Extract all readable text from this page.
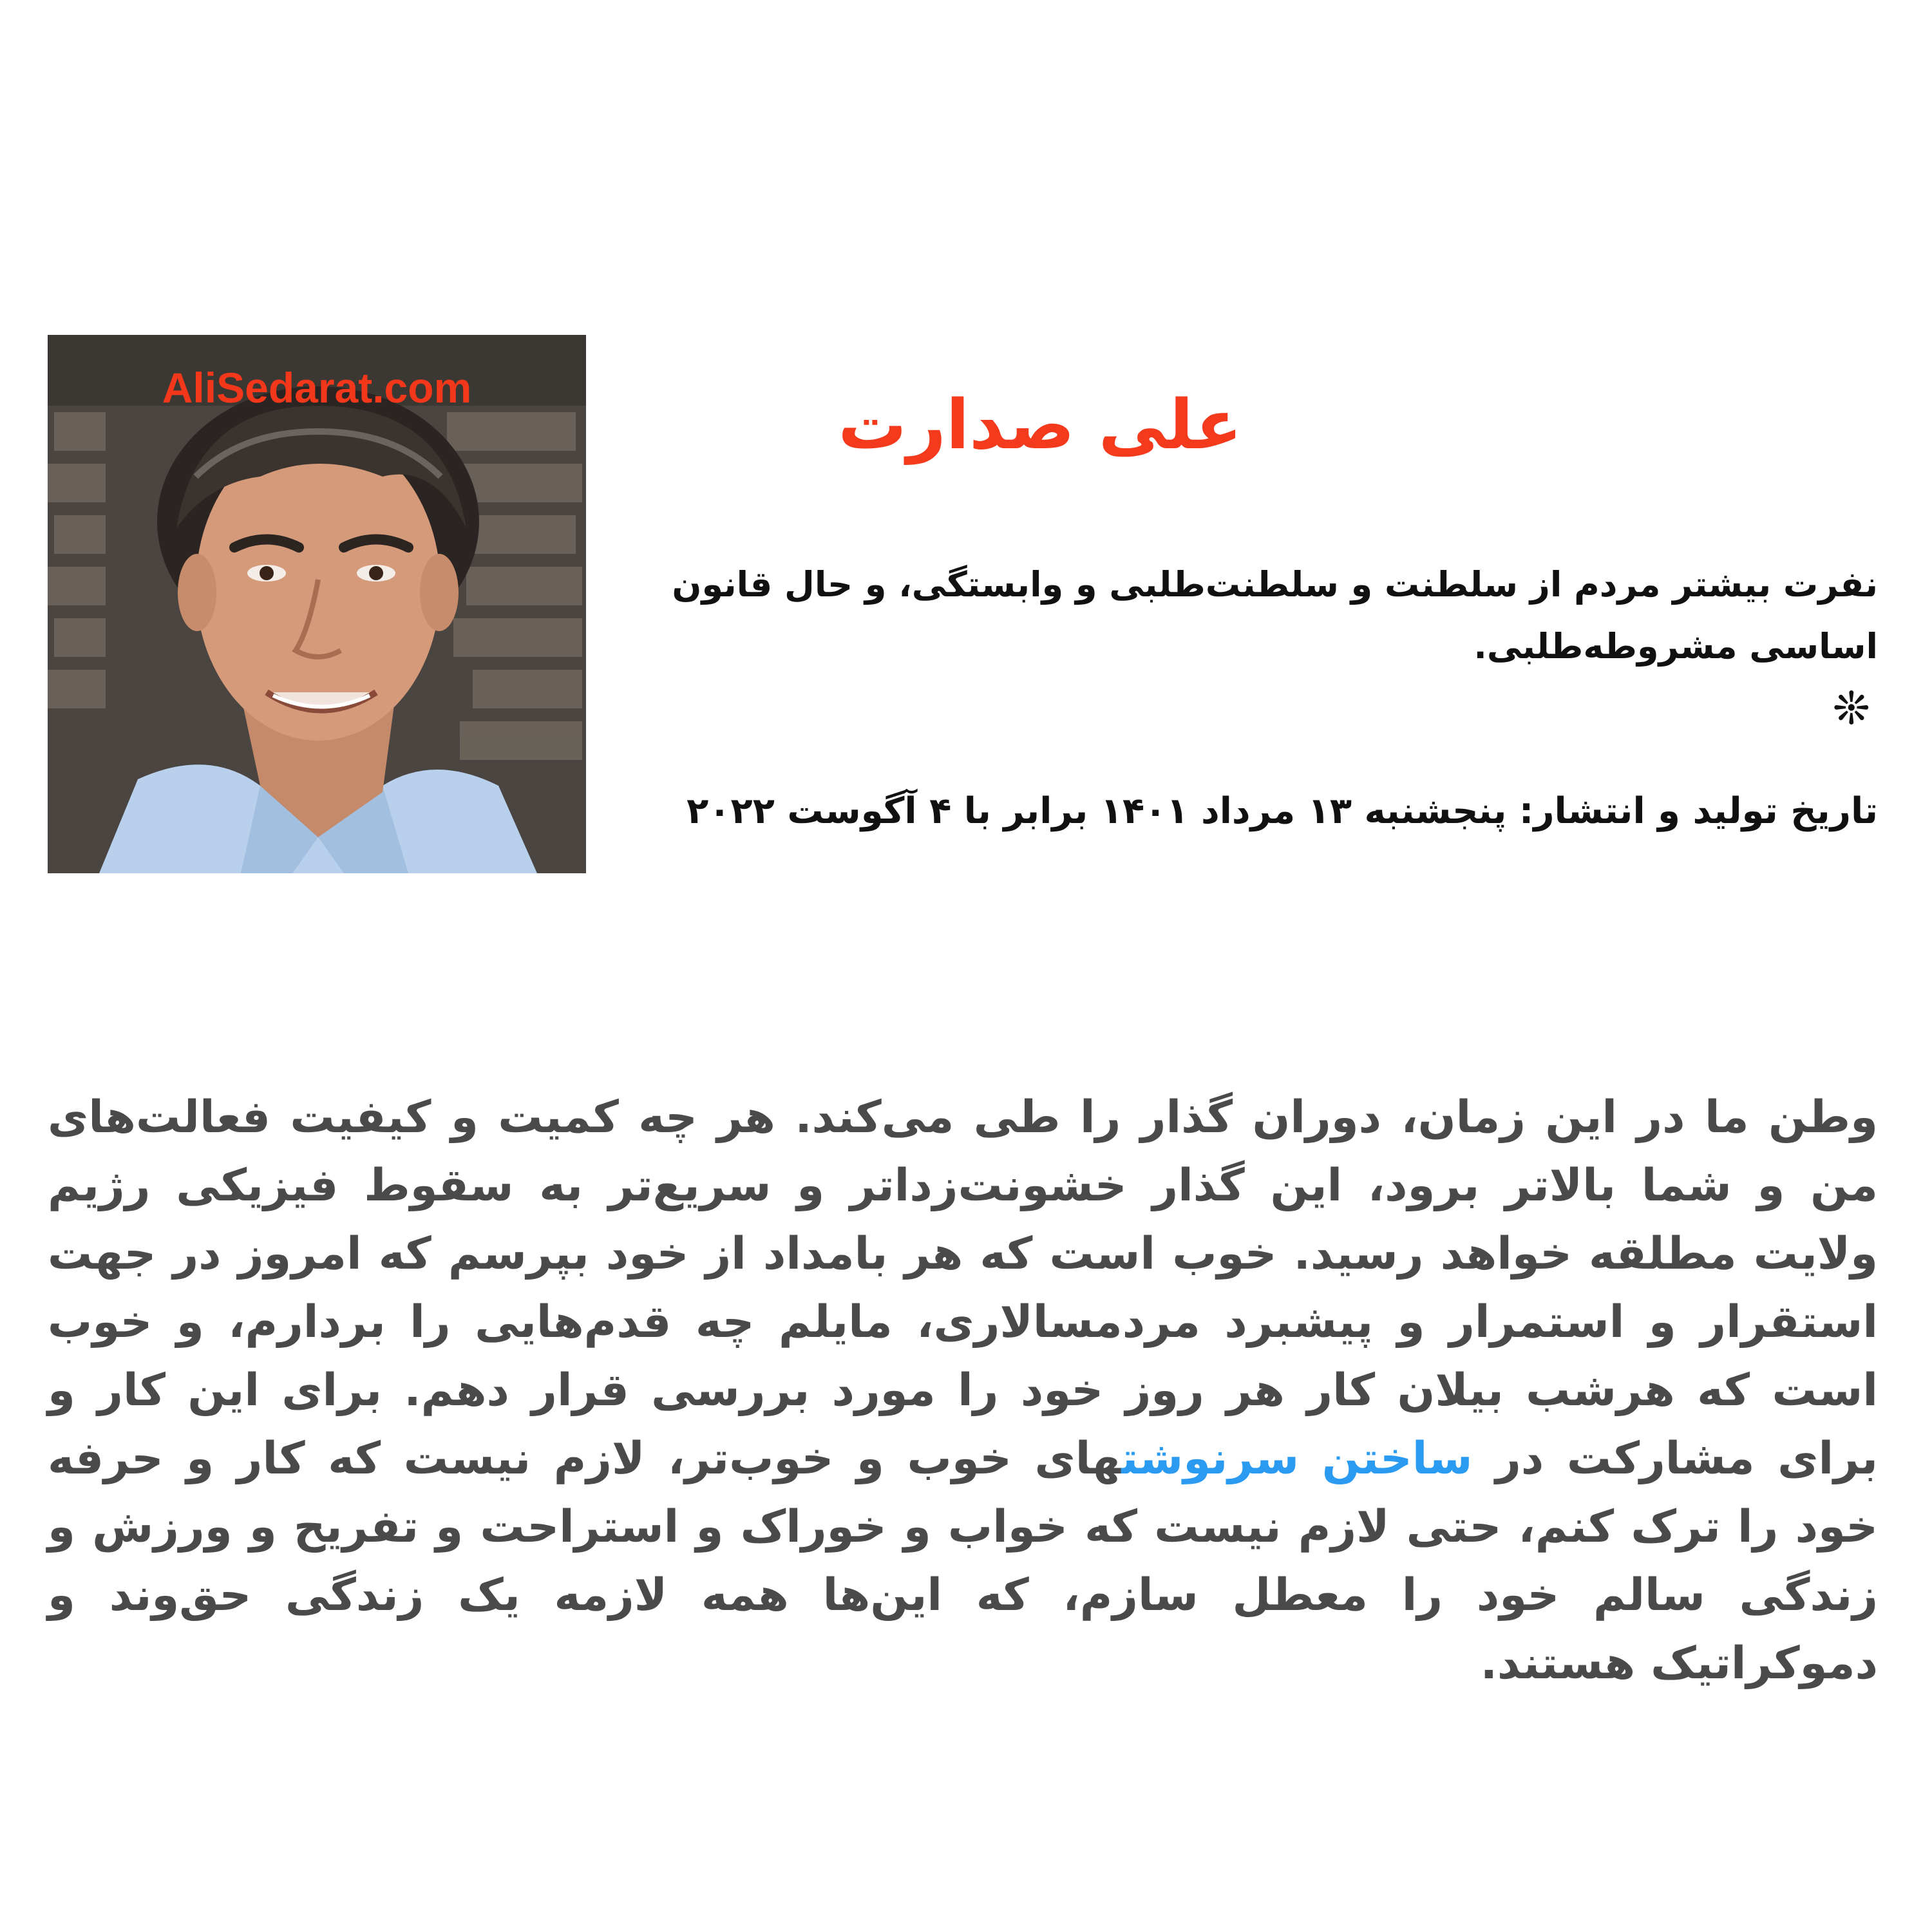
AliSedarat.com	علی صدارت

نفرت بیشتر مردم از سلطنت و سلطنت‌طلبی و وابستگی، و حال قانون اساسی مشروطه‌طلبی.

❊

تاریخ تولید و انتشار: پنجشنبه ۱۳ مرداد ۱۴۰۱ برابر با ۴ آگوست ۲۰۲۲

وطن ما در این زمان، دوران گذار را طی می‌کند. هر چه کمیت و کیفیت فعالت‌های من و شما بالاتر برود، این گذار خشونت‌زداتر و سریع‌تر به سقوط فیزیکی رژیم ولایت مطلقه خواهد رسید. خوب است که هر بامداد از خود بپرسم که امروز در جهت استقرار و استمرار و پیشبرد مردمسالاری، مایلم چه قدم‌هایی را بردارم، و خوب است که هرشب بیلان کار هر روز خود را مورد بررسی قرار دهم. برای این کار و برای مشارکت در ساختن سرنوشتهای خوب و خوب‌تر، لازم نیست که کار و حرفه خود را ترک کنم، حتی لازم نیست که خواب و خوراک و استراحت و تفریح و ورزش و زندگی سالم خود را معطل سازم، که این‌ها همه لازمه یک زندگی حق‌وند و دموکراتیک هستند.
